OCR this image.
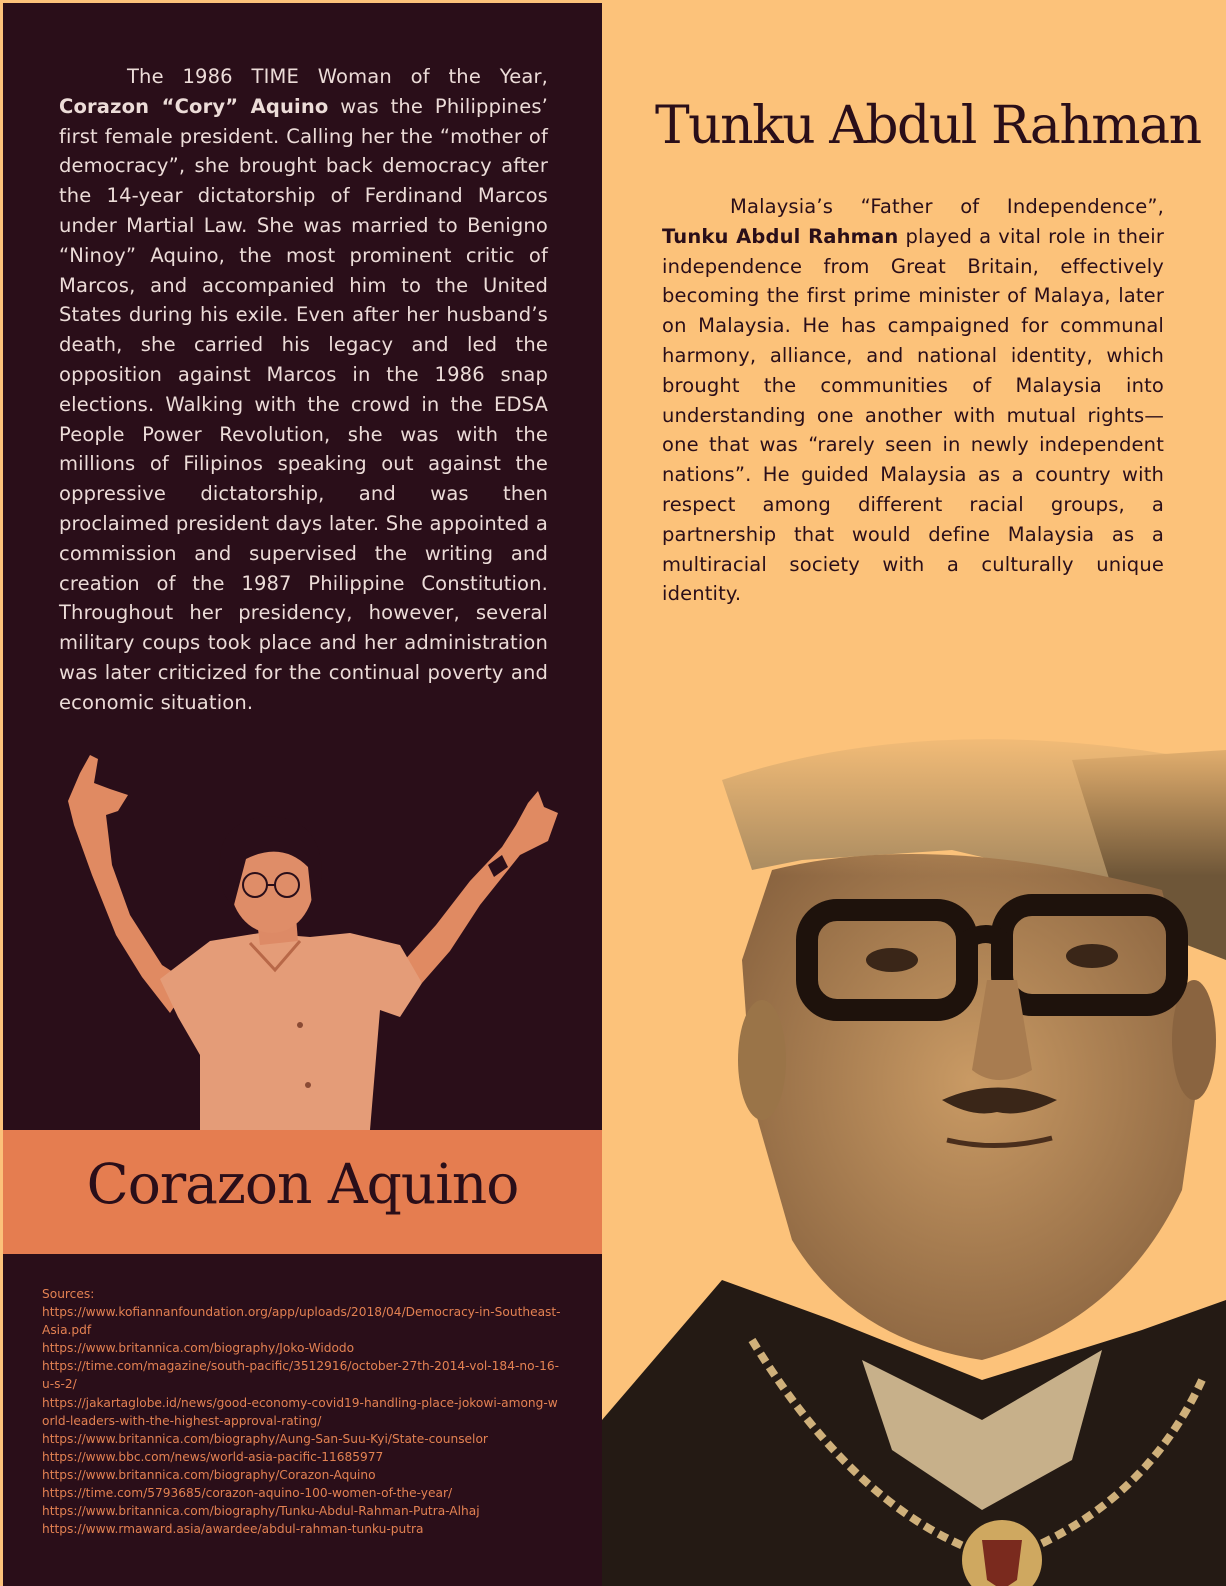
The 1986 TIME Woman of the Year, Corazon “Cory” Aquino was the Philippines’ first female president. Calling her the “mother of democracy”, she brought back democracy after the 14-year dictatorship of Ferdinand Marcos under Martial Law. She was married to Benigno “Ninoy” Aquino, the most prominent critic of Marcos, and accompanied him to the United States during his exile. Even after her husband’s death, she carried his legacy and led the opposition against Marcos in the 1986 snap elections. Walking with the crowd in the EDSA People Power Revolution, she was with the millions of Filipinos speaking out against the oppressive dictatorship, and was then proclaimed president days later. She appointed a commission and supervised the writing and creation of the 1987 Philippine Constitution. Throughout her presidency, however, several military coups took place and her administration was later criticized for the continual poverty and economic situation.

Corazon Aquino
Sources:
https://www.kofiannanfoundation.org/app/uploads/2018/04/Democracy-in-Southeast-Asia.pdf
https://www.britannica.com/biography/Joko-Widodo
https://time.com/magazine/south-pacific/3512916/october-27th-2014-vol-184-no-16-u-s-2/
https://jakartaglobe.id/news/good-economy-covid19-handling-place-jokowi-among-world-leaders-with-the-highest-approval-rating/
https://www.britannica.com/biography/Aung-San-Suu-Kyi/State-counselor
https://www.bbc.com/news/world-asia-pacific-11685977
https://www.britannica.com/biography/Corazon-Aquino
https://time.com/5793685/corazon-aquino-100-women-of-the-year/
https://www.britannica.com/biography/Tunku-Abdul-Rahman-Putra-Alhaj
https://www.rmaward.asia/awardee/abdul-rahman-tunku-putra
Tunku Abdul Rahman

Malaysia’s “Father of Independence”, Tunku Abdul Rahman played a vital role in their independence from Great Britain, effectively becoming the first prime minister of Malaya, later on Malaysia. He has campaigned for communal harmony, alliance, and national identity, which brought the communities of Malaysia into understanding one another with mutual rights—one that was “rarely seen in newly independent nations”. He guided Malaysia as a country with respect among different racial groups, a partnership that would define Malaysia as a multiracial society with a culturally unique identity.
